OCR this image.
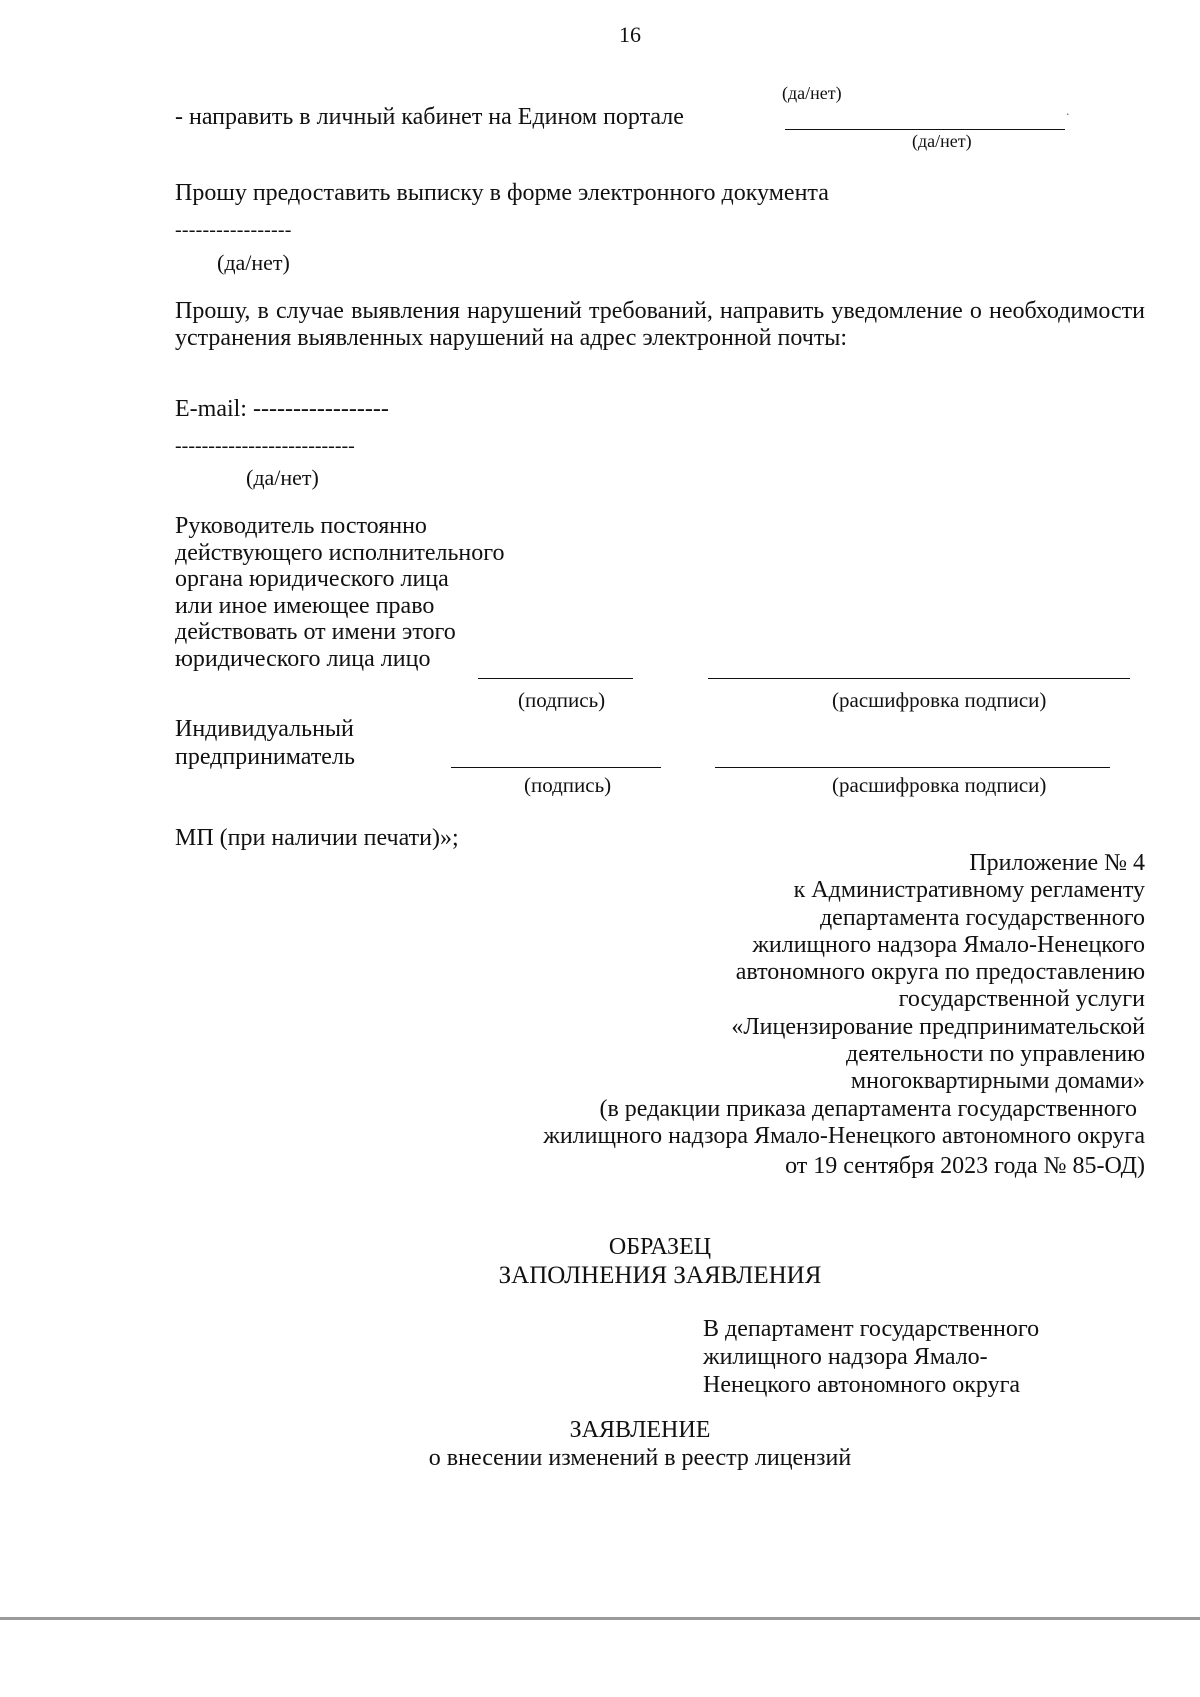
16
(да/нет)
- направить в личный кабинет на Едином портале	.
(да/нет)
Прошу предоставить выписку в форме электронного документа
-----------------
(да/нет)
Прошу, в случае выявления нарушений требований, направить уведомление о необходимости устранения выявленных нарушений на адрес электронной почты:
E-mail: -----------------
---------------------------
(да/нет)
Руководитель постоянно
действующего исполнительного
органа юридического лица
или иное имеющее право
действовать от имени этого
юридического лица лицо
(подпись)	(расшифровка подписи)
Индивидуальный
предприниматель
(подпись)	(расшифровка подписи)
МП (при наличии печати)»;
Приложение № 4
к Административному регламенту
департамента государственного
жилищного надзора Ямало-Ненецкого
автономного округа по предоставлению
государственной услуги
«Лицензирование предпринимательской
деятельности по управлению
многоквартирными домами»
(в редакции приказа департамента государственного
жилищного надзора Ямало-Ненецкого автономного округа
от 19 сентября 2023 года № 85-ОД)
ОБРАЗЕЦ
ЗАПОЛНЕНИЯ ЗАЯВЛЕНИЯ
В департамент государственного
жилищного надзора Ямало-
Ненецкого автономного округа
ЗАЯВЛЕНИЕ
о внесении изменений в реестр лицензий
